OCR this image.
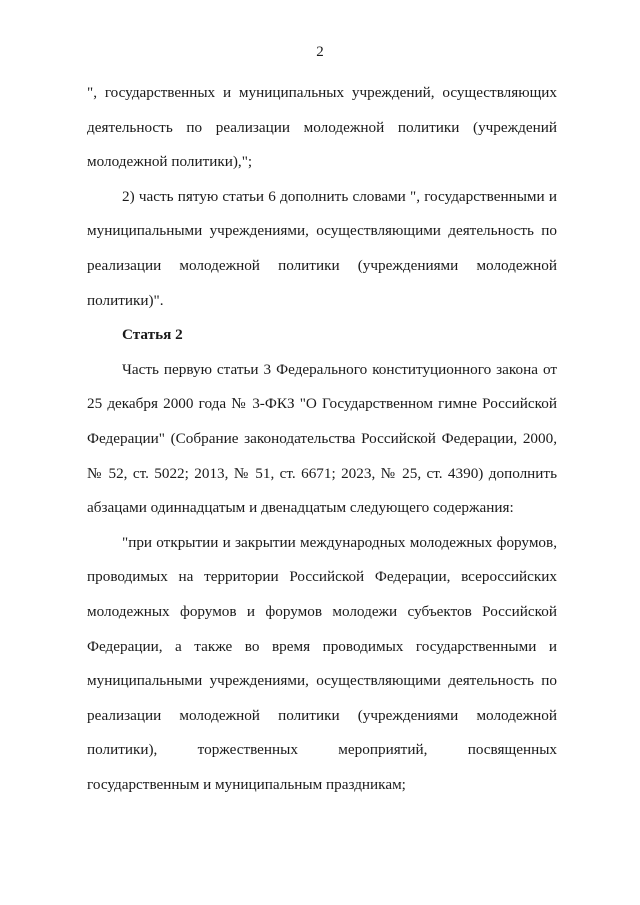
2
", государственных и муниципальных учреждений, осуществляющих
деятельность по реализации молодежной политики (учреждений
молодежной политики),";
2) часть пятую статьи 6 дополнить словами ", государственными и
муниципальными учреждениями, осуществляющими деятельность по
реализации молодежной политики (учреждениями молодежной
политики)".
Статья 2
Часть первую статьи 3 Федерального конституционного закона от
25 декабря 2000 года № 3-ФКЗ "О Государственном гимне Российской
Федерации" (Собрание законодательства Российской Федерации, 2000,
№ 52, ст. 5022; 2013, № 51, ст. 6671; 2023, № 25, ст. 4390) дополнить
абзацами одиннадцатым и двенадцатым следующего содержания:
"при открытии и закрытии международных молодежных форумов,
проводимых на территории Российской Федерации, всероссийских
молодежных форумов и форумов молодежи субъектов Российской
Федерации, а также во время проводимых государственными и
муниципальными учреждениями, осуществляющими деятельность по
реализации молодежной политики (учреждениями молодежной
политики), торжественных мероприятий, посвященных
государственным и муниципальным праздникам;
